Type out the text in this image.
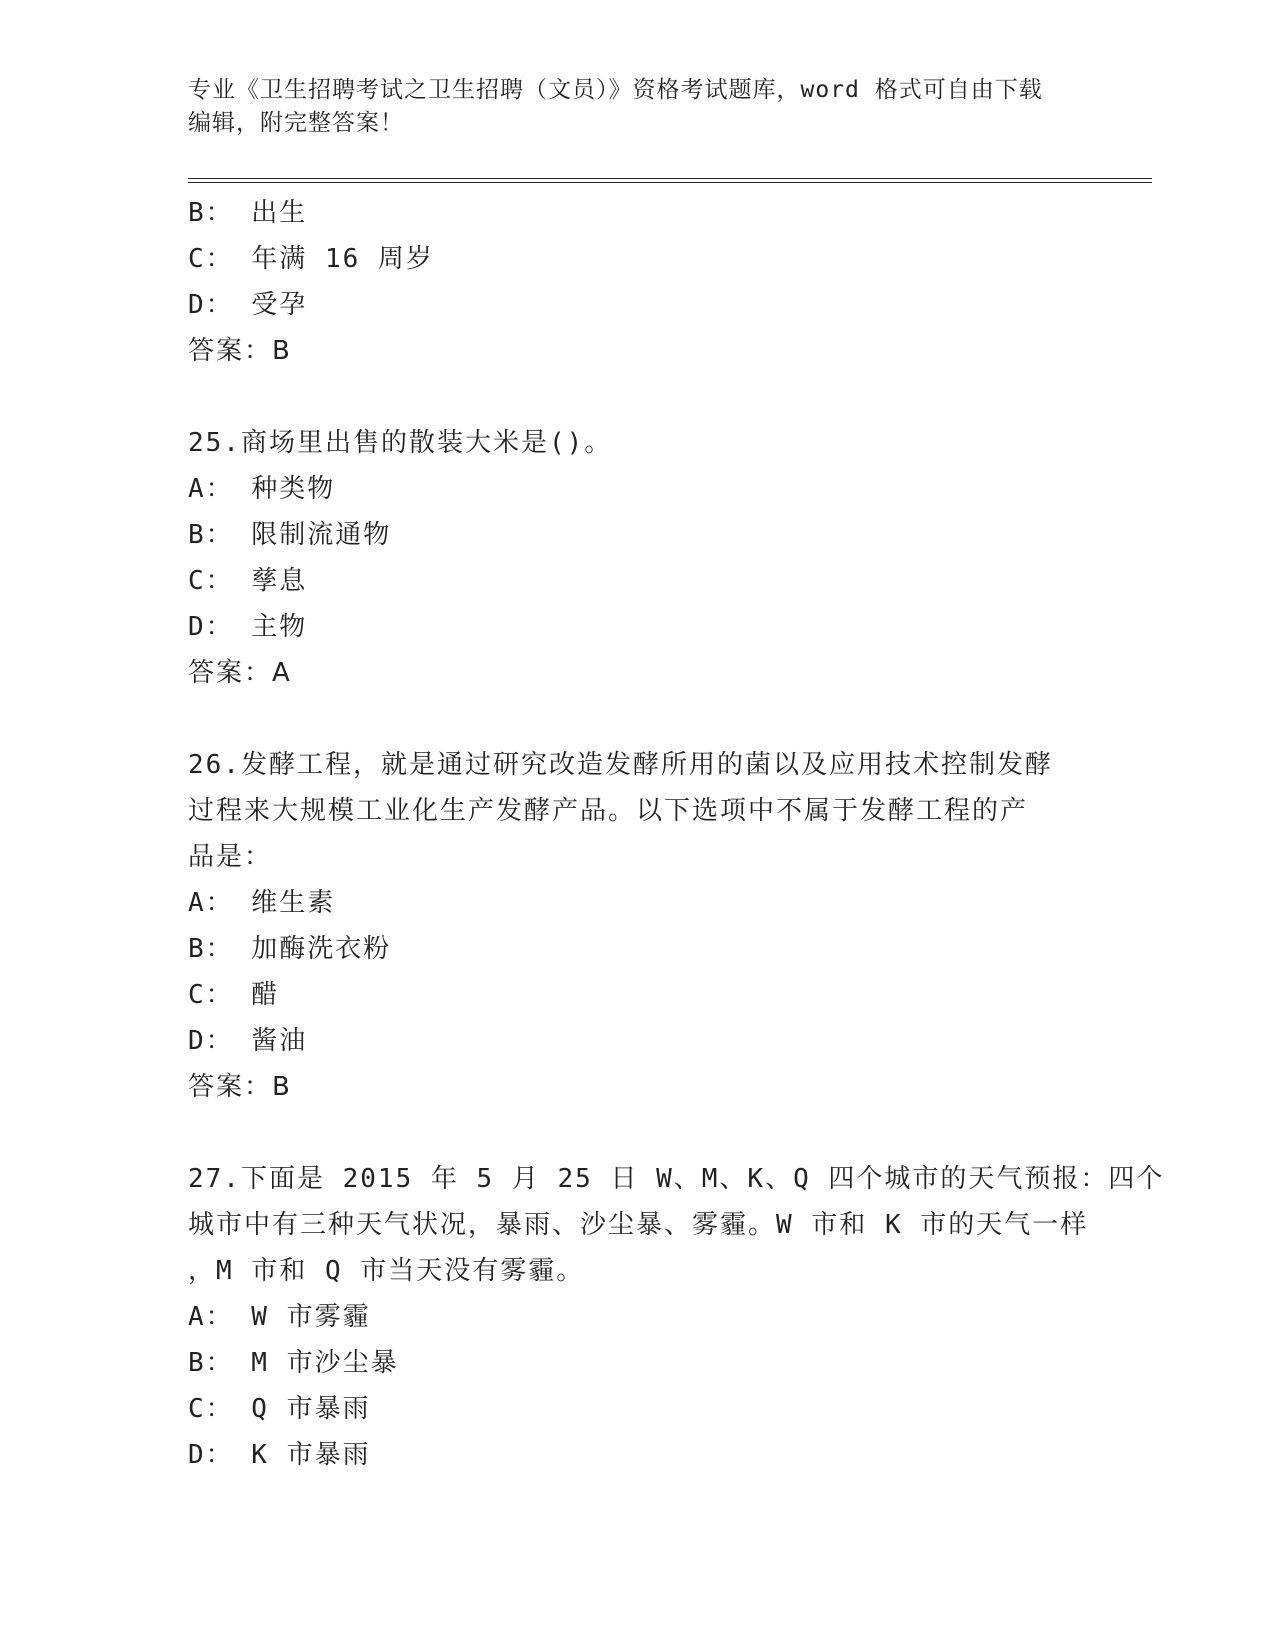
专业《卫生招聘考试之卫生招聘（文员）》资格考试题库，word 格式可自由下载
编辑，附完整答案！
B： 出生
C： 年满 16 周岁
D： 受孕
答案：B
25.商场里出售的散装大米是()。
A： 种类物
B： 限制流通物
C： 孳息
D： 主物
答案：A
26.发酵工程，就是通过研究改造发酵所用的菌以及应用技术控制发酵
过程来大规模工业化生产发酵产品。以下选项中不属于发酵工程的产
品是：
A： 维生素
B： 加酶洗衣粉
C： 醋
D： 酱油
答案：B
27.下面是 2015 年 5 月 25 日 W、M、K、Q 四个城市的天气预报：四个
城市中有三种天气状况，暴雨、沙尘暴、雾霾。W 市和 K 市的天气一样
，M 市和 Q 市当天没有雾霾。
A： W 市雾霾
B： M 市沙尘暴
C： Q 市暴雨
D： K 市暴雨
